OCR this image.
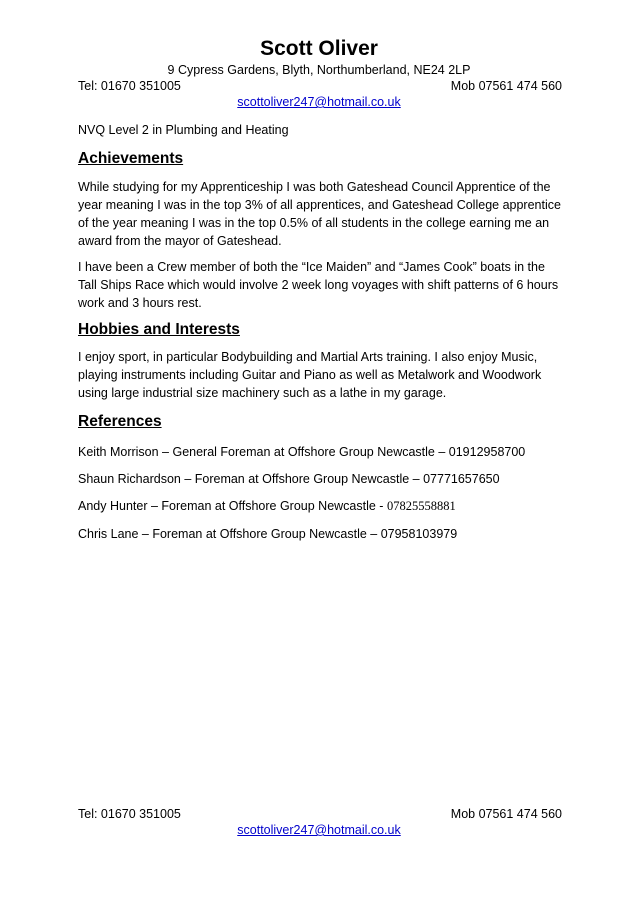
Scott Oliver
9 Cypress Gardens, Blyth, Northumberland, NE24 2LP
Tel: 01670 351005	Mob 07561 474 560
scottoliver247@hotmail.co.uk
NVQ Level 2 in Plumbing and Heating
Achievements

While studying for my Apprenticeship I was both Gateshead Council Apprentice of the year meaning I was in the top 3% of all apprentices, and Gateshead College apprentice of the year meaning I was in the top 0.5% of all students in the college earning me an award from the mayor of Gateshead.

I have been a Crew member of both the “Ice Maiden” and “James Cook” boats in the Tall Ships Race which would involve 2 week long voyages with shift patterns of 6 hours work and 3 hours rest.

Hobbies and Interests

I enjoy sport, in particular Bodybuilding and Martial Arts training. I also enjoy Music, playing instruments including Guitar and Piano as well as Metalwork and Woodwork using large industrial size machinery such as a lathe in my garage.

References
Keith Morrison – General Foreman at Offshore Group Newcastle – 01912958700
Shaun Richardson – Foreman at Offshore Group Newcastle – 07771657650
Andy Hunter – Foreman at Offshore Group Newcastle - 07825558881
Chris Lane – Foreman at Offshore Group Newcastle – 07958103979
Tel: 01670 351005	Mob 07561 474 560
scottoliver247@hotmail.co.uk
